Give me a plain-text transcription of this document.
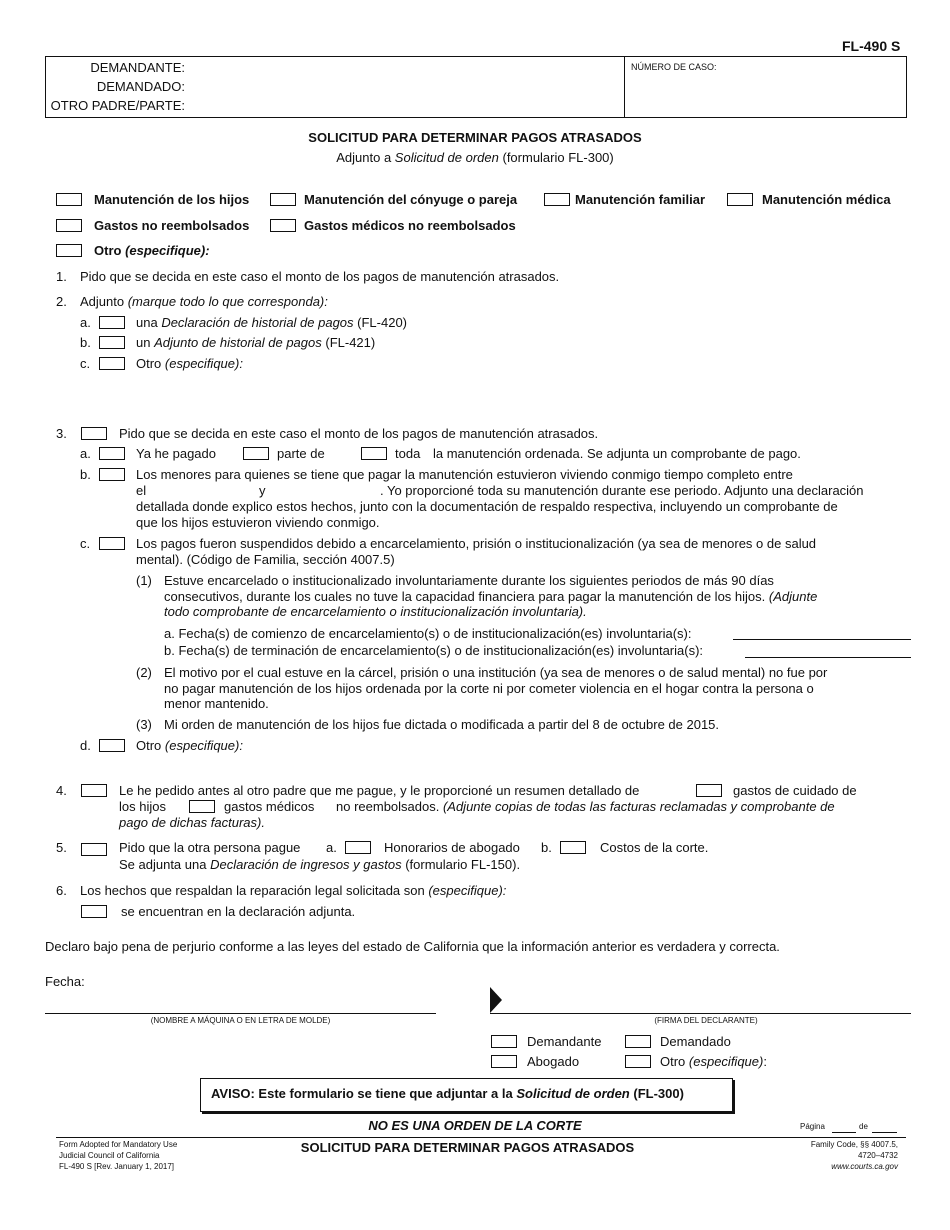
FL-490 S
DEMANDANTE:
DEMANDADO:
OTRO PADRE/PARTE:
NÚMERO DE CASO:
SOLICITUD PARA DETERMINAR PAGOS ATRASADOS
Adjunto a Solicitud de orden (formulario FL-300)
Manutención de los hijos	Manutención del cónyuge o pareja	Manutención familiar	Manutención médica
Gastos no reembolsados	Gastos médicos no reembolsados
Otro (especifique):
1. Pido que se decida en este caso el monto de los pagos de manutención atrasados.
2. Adjunto (marque todo lo que corresponda):
a.	una Declaración de historial de pagos (FL-420)
b.	un Adjunto de historial de pagos (FL-421)
c.	Otro (especifique):
3.	Pido que se decida en este caso el monto de los pagos de manutención atrasados.
a.	Ya he pagado	parte de	toda la manutención ordenada. Se adjunta un comprobante de pago.
b.	Los menores para quienes se tiene que pagar la manutención estuvieron viviendo conmigo tiempo completo entre
el	y	. Yo proporcioné toda su manutención durante ese periodo. Adjunto una declaración
detallada donde explico estos hechos, junto con la documentación de respaldo respectiva, incluyendo un comprobante de
que los hijos estuvieron viviendo conmigo.
c.	Los pagos fueron suspendidos debido a encarcelamiento, prisión o institucionalización (ya sea de menores o de salud
mental). (Código de Familia, sección 4007.5)
(1) Estuve encarcelado o institucionalizado involuntariamente durante los siguientes periodos de más 90 días
consecutivos, durante los cuales no tuve la capacidad financiera para pagar la manutención de los hijos. (Adjunte
todo comprobante de encarcelamiento o institucionalización involuntaria).
a. Fecha(s) de comienzo de encarcelamiento(s) o de institucionalización(es) involuntaria(s):
b. Fecha(s) de terminación de encarcelamiento(s) o de institucionalización(es) involuntaria(s):
(2) El motivo por el cual estuve en la cárcel, prisión o una institución (ya sea de menores o de salud mental) no fue por
no pagar manutención de los hijos ordenada por la corte ni por cometer violencia en el hogar contra la persona o
menor mantenido.
(3) Mi orden de manutención de los hijos fue dictada o modificada a partir del 8 de octubre de 2015.
d.	Otro (especifique):
4.	Le he pedido antes al otro padre que me pague, y le proporcioné un resumen detallado de	gastos de cuidado de
los hijos	gastos médicos no reembolsados. (Adjunte copias de todas las facturas reclamadas y comprobante de
pago de dichas facturas).
5.	Pido que la otra persona pague a.	Honorarios de abogado b.	Costos de la corte.
Se adjunta una Declaración de ingresos y gastos (formulario FL-150).
6. Los hechos que respaldan la reparación legal solicitada son (especifique):
se encuentran en la declaración adjunta.
Declaro bajo pena de perjurio conforme a las leyes del estado de California que la información anterior es verdadera y correcta.
Fecha:
(NOMBRE A MÁQUINA O EN LETRA DE MOLDE)	(FIRMA DEL DECLARANTE)
Demandante	Demandado
Abogado	Otro (especifique):
AVISO: Este formulario se tiene que adjuntar a la Solicitud de orden (FL-300)
NO ES UNA ORDEN DE LA CORTE	Página	de
Form Adopted for Mandatory Use
Judicial Council of California
FL-490 S [Rev. January 1, 2017]
SOLICITUD PARA DETERMINAR PAGOS ATRASADOS	Family Code, §§ 4007.5,
4720–4732
www.courts.ca.gov
